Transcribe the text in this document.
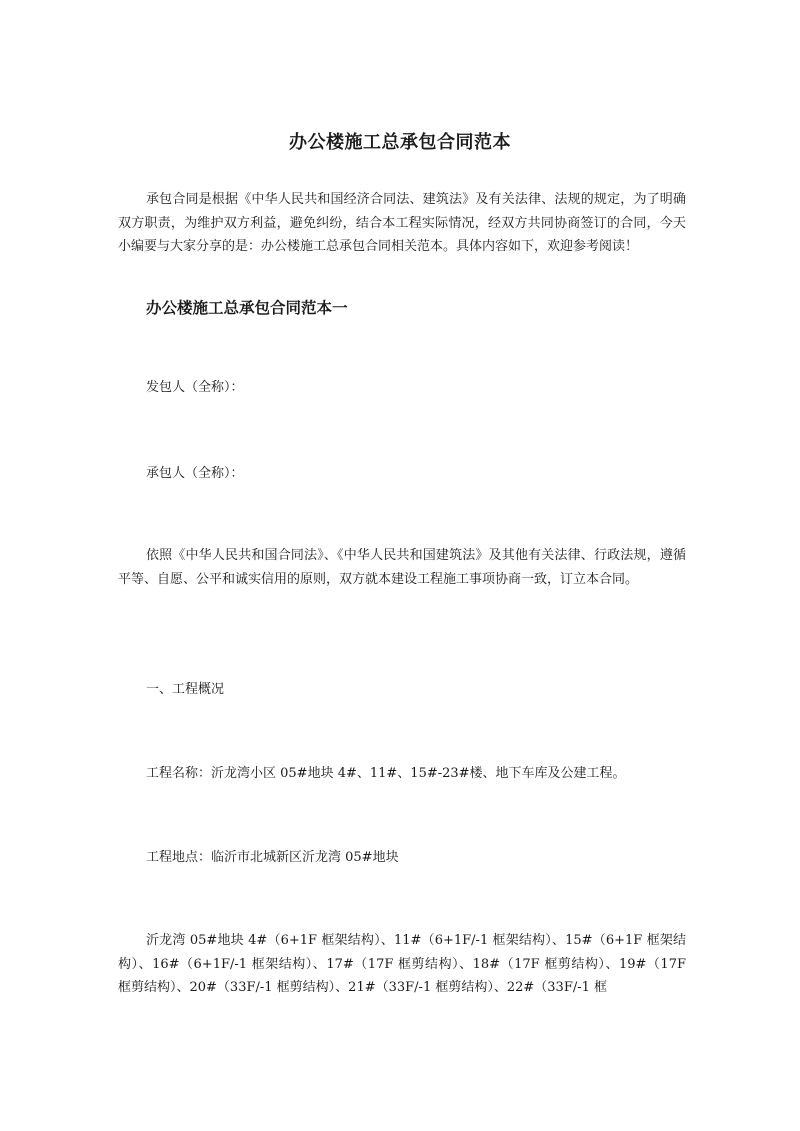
办公楼施工总承包合同范本

承包合同是根据《中华人民共和国经济合同法、建筑法》及有关法律、法规的规定，为了明确双方职责，为维护双方利益，避免纠纷，结合本工程实际情况，经双方共同协商签订的合同，今天小编要与大家分享的是：办公楼施工总承包合同相关范本。具体内容如下，欢迎参考阅读！

办公楼施工总承包合同范本一
发包人（全称）：
承包人（全称）：

依照《中华人民共和国合同法》、《中华人民共和国建筑法》及其他有关法律、行政法规，遵循平等、自愿、公平和诚实信用的原则，双方就本建设工程施工事项协商一致，订立本合同。

一、工程概况
工程名称：沂龙湾小区 05#地块 4#、11#、15#-23#楼、地下车库及公建工程。
工程地点：临沂市北城新区沂龙湾 05#地块

沂龙湾 05#地块 4#（6+1F 框架结构）、11#（6+1F/-1 框架结构）、15#（6+1F 框架结构）、16#（6+1F/-1 框架结构）、17#（17F 框剪结构）、18#（17F 框剪结构）、19#（17F 框剪结构）、20#（33F/-1 框剪结构）、21#（33F/-1 框剪结构）、22#（33F/-1 框
